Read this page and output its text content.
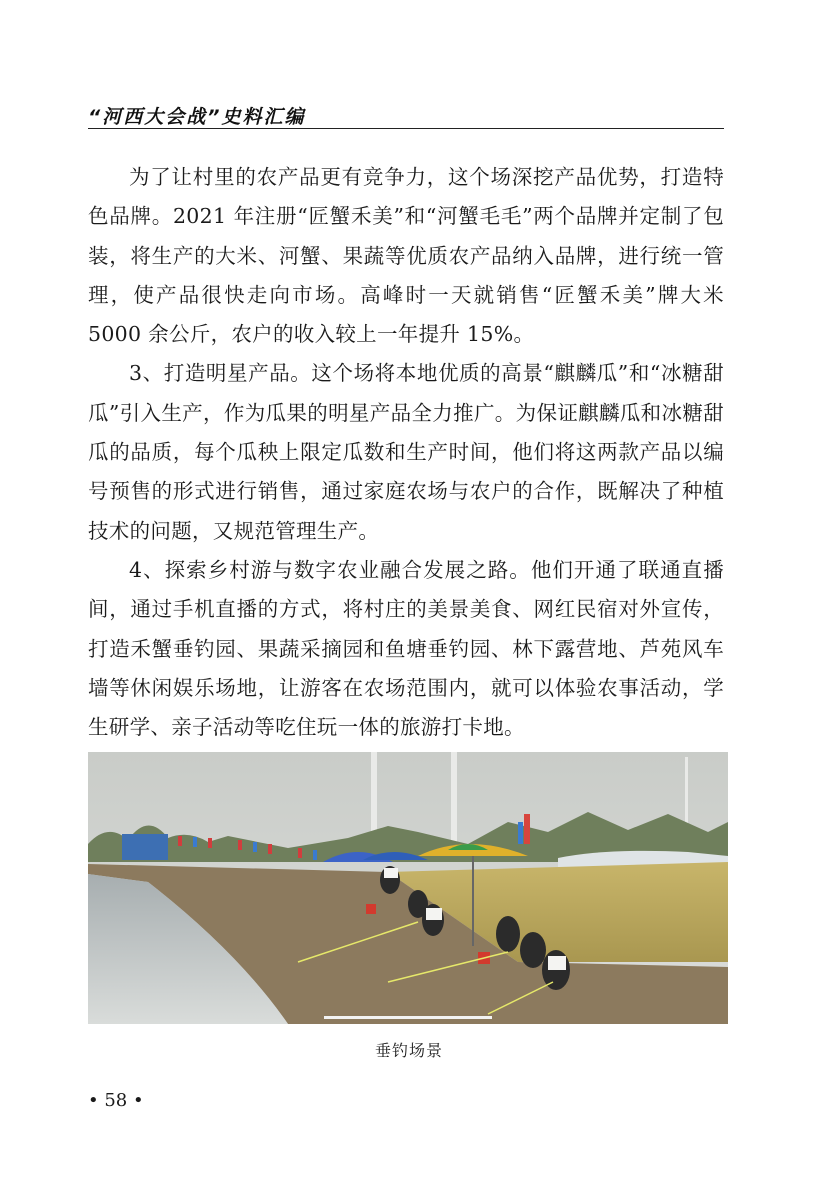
“河西大会战”史料汇编

为了让村里的农产品更有竞争力，这个场深挖产品优势，打造特色品牌。2021 年注册“匠蟹禾美”和“河蟹毛毛”两个品牌并定制了包装，将生产的大米、河蟹、果蔬等优质农产品纳入品牌，进行统一管理，使产品很快走向市场。高峰时一天就销售“匠蟹禾美”牌大米 5000 余公斤，农户的收入较上一年提升 15%。

3、打造明星产品。这个场将本地优质的高景“麒麟瓜”和“冰糖甜瓜”引入生产，作为瓜果的明星产品全力推广。为保证麒麟瓜和冰糖甜瓜的品质，每个瓜秧上限定瓜数和生产时间，他们将这两款产品以编号预售的形式进行销售，通过家庭农场与农户的合作，既解决了种植技术的问题，又规范管理生产。

4、探索乡村游与数字农业融合发展之路。他们开通了联通直播间，通过手机直播的方式，将村庄的美景美食、网红民宿对外宣传，打造禾蟹垂钓园、果蔬采摘园和鱼塘垂钓园、林下露营地、芦苑风车墙等休闲娱乐场地，让游客在农场范围内，就可以体验农事活动，学生研学、亲子活动等吃住玩一体的旅游打卡地。

垂钓场景
• 58 •
